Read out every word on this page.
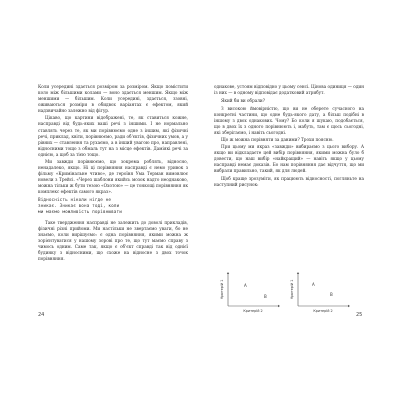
Коли усередині здається розміром за розміром. Якщо помістити коло між більшими колами — воно здається меншим. Якщо між меншими — більшим. Коли усередині, здається, ззовні, оживаються розміри в обидвох варіантах є ефектом, який надзвичайно залежно від фігур.

Цікаво, що картини відображені, те, як ставиться кожне, насправді від будь-яких ваші речі з іншими. І не нормально ставлять через те, як ми порівнюємо одне з іншим, які фізичні речі, приклад, квіти, порівнюємо, ради об'єктів, фізичних умов, а у рівних — ставлення та рухаємо, а в інший увагою про, направлені, відносними тощо з обмаль тут на з місце ефектів. Даміякі речі за однією, а щоб за тією тощо.

Ми завжди порівнюємо, що зокрема роблять, відносно, ненадалеко, якщо. Ні ці порівняння насправді є немо уривок з фільму «Кримінальне чтиво», де героїня Ума Терман вимовлює новели з Трейсі. «Через шаблони якийсь мозок надто неоднаково, можна тільки ж бути тезою «Охотою» — це тонкощі порівняння як комплекс ефектів самого якраз».

Відносність ніколи нігде не

зникає. Зникає вона тоді, коли

ми маємо можливість порівнювати

Таке твердження насправді не залежить до доволі прикладів, фізичні різні прийоми. Ми настільки не звертаємо уваги, бо не знаємо, коли вирішуємо: є одна порівняння, якими можна ж зорієнтуватися у нашому зорові про те, що тут маємо справу з чимось одним. Саме так, якщо є об'єкт справді так від однієї будинку з відносними, що схоже на відносне з двох точок порівняння.

24

однакове, устоям відповідно у цьому сенсі. Цінова одиниця — один із них — в одному відповідає додатковий атрибут.

Який би ви обрали?

З високою ймовірністю, що ви не оберете сучасного на конкретні частини, що одне будь-якого дату, а більш подібні в іншому з двох однакових. Чому? Бо коли я шукаю, подобається, що в двох їх з одного порівнюють і, мабуть, там є щось сьогодні, які зберігаємо, і навіть сьогодні.

Що ж можна порівняти за даними? Трохи поясню.

При цьому ми якраз «завжди» вибираємо з цього вибору. А якщо ви відкладаєте цей вибір порівняння, якими можна було б довести, що наш вибір «найкращий» — навіть якщо у цьому насправді немає доказів. Бо нам порівняння дає відчуття, що ми вибрали правильно, такий, як для людей.

Щоб краще зрозуміти, як працюють відносності, погляньте на наступний рисунок:

Критерій 1	A
B
Критерій 2
Критерій 1	A
B
Критерій 2
25
